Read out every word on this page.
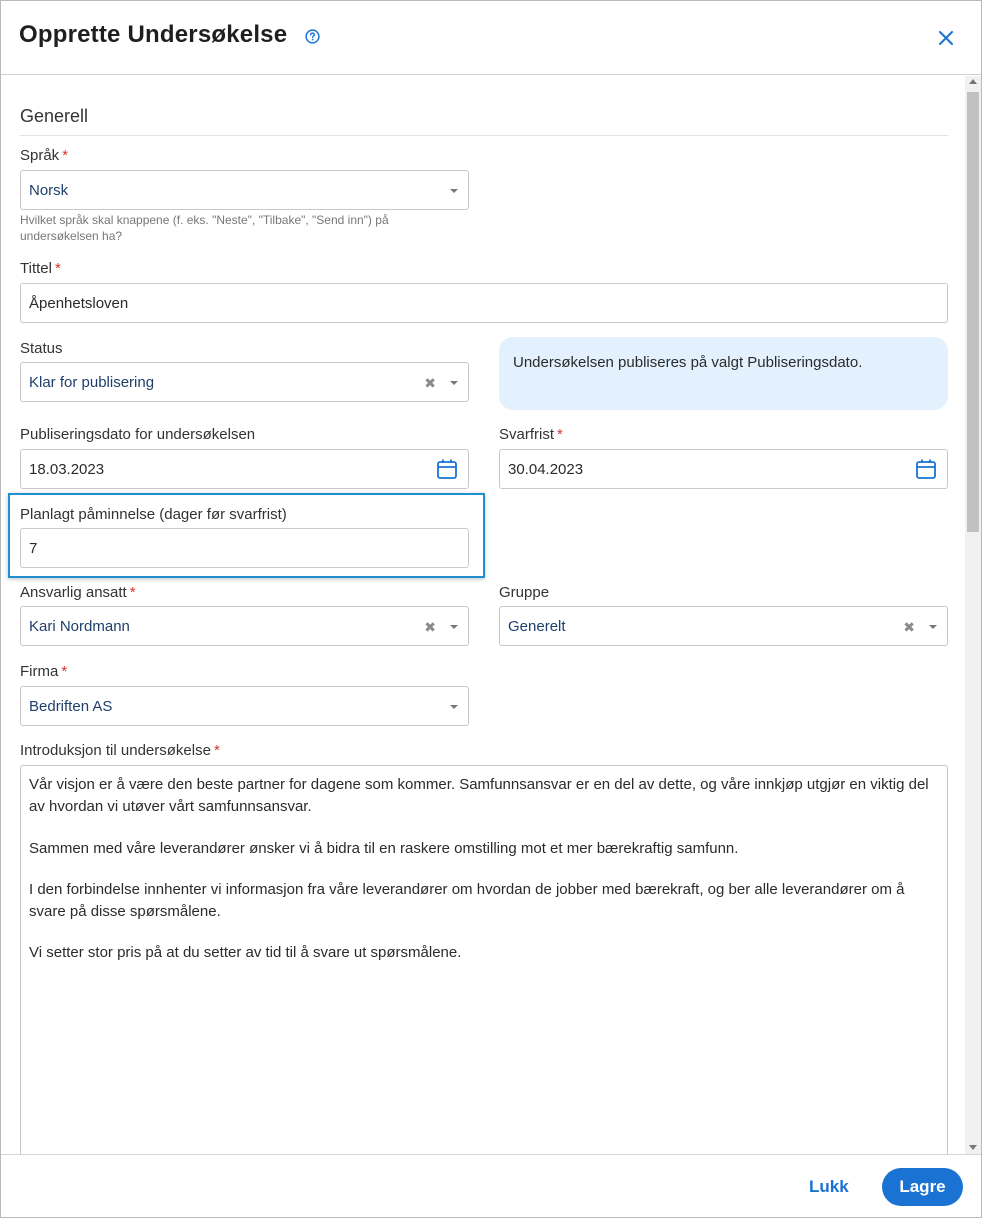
Opprette Undersøkelse
Generell
Språk *
Norsk
Hvilket språk skal knappene (f. eks. "Neste", "Tilbake", "Send inn") på undersøkelsen ha?
Tittel *
Åpenhetsloven
Status
Klar for publisering	✖
Undersøkelsen publiseres på valgt Publiseringsdato.
Publiseringsdato for undersøkelsen
18.03.2023
Svarfrist *
30.04.2023
Planlagt påminnelse (dager før svarfrist)
7
Ansvarlig ansatt *
Kari Nordmann	✖
Gruppe
Generelt	✖
Firma *
Bedriften AS
Introduksjon til undersøkelse *

Vår visjon er å være den beste partner for dagene som kommer. Samfunnsansvar er en del av dette, og våre innkjøp utgjør en viktig del av hvordan vi utøver vårt samfunnsansvar.

Sammen med våre leverandører ønsker vi å bidra til en raskere omstilling mot et mer bærekraftig samfunn.

I den forbindelse innhenter vi informasjon fra våre leverandører om hvordan de jobber med bærekraft, og ber alle leverandører om å svare på disse spørsmålene.

Vi setter stor pris på at du setter av tid til å svare ut spørsmålene.

Lukk	Lagre
